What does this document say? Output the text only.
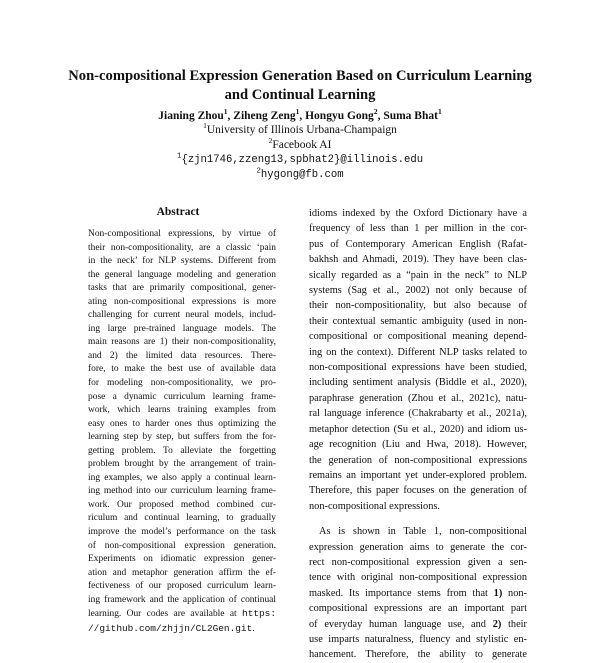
Non-compositional Expression Generation Based on Curriculum Learning
and Continual Learning
Jianing Zhou$^1$, Ziheng Zeng$^1$, Hongyu Gong$^2$, Suma Bhat$^1$
$^1$University of Illinois Urbana-Champaign
$^2$Facebook AI
$^1${zjn1746,zzeng13,spbhat2}@illinois.edu
$^2$hygong@fb.com
Abstract
Non-compositional expressions, by virtue of
their non-compositionality, are a classic ‘pain
in the neck’ for NLP systems. Different from
the general language modeling and generation
tasks that are primarily compositional, gener-
ating non-compositional expressions is more
challenging for current neural models, includ-
ing large pre-trained language models. The
main reasons are 1) their non-compositionality,
and 2) the limited data resources. There-
fore, to make the best use of available data
for modeling non-compositionality, we pro-
pose a dynamic curriculum learning frame-
work, which learns training examples from
easy ones to harder ones thus optimizing the
learning step by step, but suffers from the for-
getting problem. To alleviate the forgetting
problem brought by the arrangement of train-
ing examples, we also apply a continual learn-
ing method into our curriculum learning frame-
work. Our proposed method combined cur-
riculum and continual learning, to gradually
improve the model’s performance on the task
of non-compositional expression generation.
Experiments on idiomatic expression gener-
ation and metaphor generation affirm the ef-
fectiveness of our proposed curriculum learn-
ing framework and the application of continual
learning. Our codes are available at https:
//github.com/zhjjn/CL2Gen.git.
idioms indexed by the Oxford Dictionary have a
frequency of less than 1 per million in the cor-
pus of Contemporary American English (Rafat-
bakhsh and Ahmadi, 2019). They have been clas-
sically regarded as a “pain in the neck” to NLP
systems (Sag et al., 2002) not only because of
their non-compositionality, but also because of
their contextual semantic ambiguity (used in non-
compositional or compositional meaning depend-
ing on the context). Different NLP tasks related to
non-compositional expressions have been studied,
including sentiment analysis (Biddle et al., 2020),
paraphrase generation (Zhou et al., 2021c), natu-
ral language inference (Chakrabarty et al., 2021a),
metaphor detection (Su et al., 2020) and idiom us-
age recognition (Liu and Hwa, 2018). However,
the generation of non-compositional expressions
remains an important yet under-explored problem.
Therefore, this paper focuses on the generation of
non-compositional expressions.
As is shown in Table 1, non-compositional
expression generation aims to generate the cor-
rect non-compositional expression given a sen-
tence with original non-compositional expression
masked. Its importance stems from that 1) non-
compositional expressions are an important part
of everyday human language use, and 2) their
use imparts naturalness, fluency and stylistic en-
hancement. Therefore, the ability to generate
